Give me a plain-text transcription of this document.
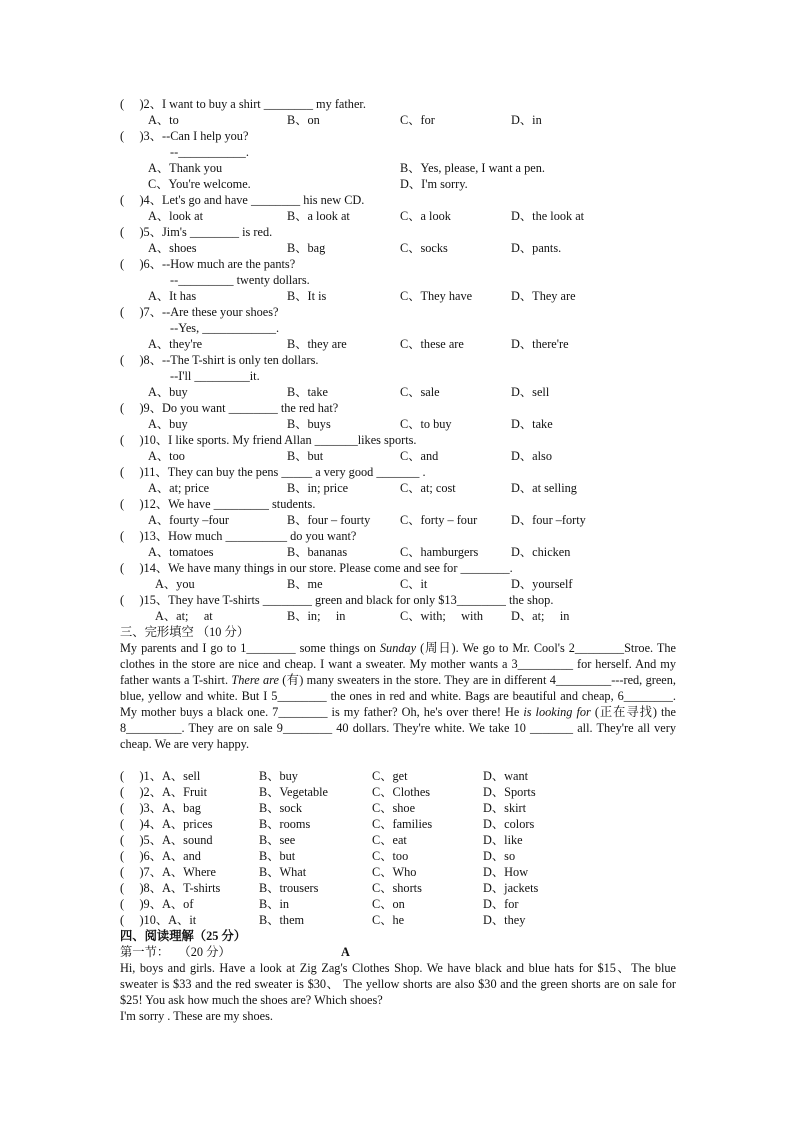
(     )2、I want to buy a shirt ________ my father.
A、to	B、on	C、for	D、in
(     )3、--Can I help you?
--___________.
A、Thank you	B、Yes, please, I want a pen.
C、You're welcome.	D、I'm sorry.
(     )4、Let's go and have ________ his new CD.
A、look at	B、a look at	C、a look	D、the look at
(     )5、Jim's ________ is red.
A、shoes	B、bag	C、socks	D、pants.
(     )6、--How much are the pants?
--_________ twenty dollars.
A、It has	B、It is	C、They have	D、They are
(     )7、--Are these your shoes?
--Yes, ____________.
A、they're	B、they are	C、these are	D、there're
(     )8、--The T-shirt is only ten dollars.
--I'll _________it.
A、buy	B、take	C、sale	D、sell
(     )9、Do you want ________ the red hat?
A、buy	B、buys	C、to buy	D、take
(     )10、I like sports. My friend Allan _______likes sports.
A、too	B、but	C、and	D、also
(     )11、They can buy the pens _____ a very good _______ .
A、at; price	B、in; price	C、at; cost	D、at selling
(     )12、We have _________ students.
A、fourty –four	B、four – fourty C、forty – four	D、four –forty
(     )13、How much __________ do you want?
A、tomatoes	B、bananas	C、hamburgers	D、chicken
(     )14、We have many things in our store. Please come and see for ________.
A、you	B、me	C、it	D、yourself
(     )15、They have T-shirts ________ green and black for only $13________ the shop.
A、at;     at	B、in;     in	C、with;     with D、at;     in
三、完形填空 （10 分）

My parents and I go to 1________ some things on Sunday (周日). We go to Mr. Cool's 2________Stroe. The clothes in the store are nice and cheap. I want a sweater. My mother wants a 3_________ for herself. And my father wants a T-shirt. There are (有) many sweaters in the store. They are in different 4_________---red, green, blue, yellow and white. But I 5________ the ones in red and white. Bags are beautiful and cheap, 6________. My mother buys a black one. 7________ is my father? Oh, he's over there! He is looking for (正在寻找) the 8_________. They are on sale 9________ 40 dollars. They're white. We take 10 _______ all. They're all very cheap. We are very happy.

(     )1、A、sell	B、buy	C、get	D、want
(     )2、A、Fruit	B、Vegetable	C、Clothes	D、Sports
(     )3、A、bag	B、sock	C、shoe	D、skirt
(     )4、A、prices	B、rooms	C、families	D、colors
(     )5、A、sound	B、see	C、eat	D、like
(     )6、A、and	B、but	C、too	D、so
(     )7、A、Where	B、What	C、Who	D、How
(     )8、A、T-shirts	B、trousers	C、shorts	D、jackets
(     )9、A、of	B、in	C、on	D、for
(     )10、A、it	B、them	C、he	D、they
四、阅读理解（25 分）
第一节：   （20 分）	A

Hi, boys and girls. Have a look at Zig Zag's Clothes Shop. We have black and blue hats for $15、The blue sweater is $33 and the red sweater is $30、 The yellow shorts are also $30 and the green shorts are on sale for $25! You ask how much the shoes are? Which shoes?

I'm sorry . These are my shoes.
